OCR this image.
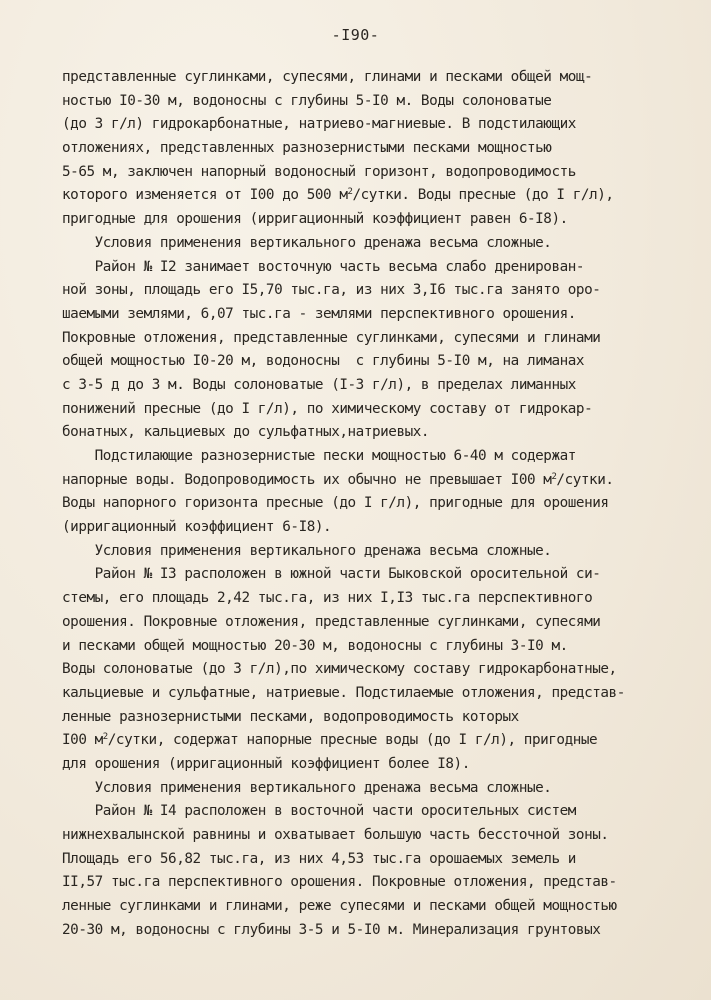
-I90-
представленные суглинками, супесями, глинами и песками общей мощ-
ностью I0-30 м, водоносны с глубины 5-I0 м. Воды солоноватые
(до 3 г/л) гидрокарбонатные, натриево-магниевые. В подстилающих
отложениях, представленных разнозернистыми песками мощностью
5-65 м, заключен напорный водоносный горизонт, водопроводимость
которого изменяется от I00 до 500 $м^2$/сутки. Воды пресные (до I г/л),
пригодные для орошения (ирригационный коэффициент равен 6-I8).
Условия применения вертикального дренажа весьма сложные.
Район № I2 занимает восточную часть весьма слабо дренирован-
ной зоны, площадь его I5,70 тыс.га, из них 3,I6 тыс.га занято оро-
шаемыми землями, 6,07 тыс.га - землями перспективного орошения.
Покровные отложения, представленные суглинками, супесями и глинами
общей мощностью I0-20 м, водоносны  с глубины 5-I0 м, на лиманах
с 3-5 д до 3 м. Воды солоноватые (I-3 г/л), в пределах лиманных
понижений пресные (до I г/л), по химическому составу от гидрокар-
бонатных, кальциевых до сульфатных,натриевых.
Подстилающие разнозернистые пески мощностью 6-40 м содержат
напорные воды. Водопроводимость их обычно не превышает I00 $м^2$/сутки.
Воды напорного горизонта пресные (до I г/л), пригодные для орошения
(ирригационный коэффициент 6-I8).
Условия применения вертикального дренажа весьма сложные.
Район № I3 расположен в южной части Быковской оросительной си-
стемы, его площадь 2,42 тыс.га, из них I,I3 тыс.га перспективного
орошения. Покровные отложения, представленные суглинками, супесями
и песками общей мощностью 20-30 м, водоносны с глубины 3-I0 м.
Воды солоноватые (до 3 г/л),по химическому составу гидрокарбонатные,
кальциевые и сульфатные, натриевые. Подстилаемые отложения, представ-
ленные разнозернистыми песками, водопроводимость которых
I00 $м^2$/сутки, содержат напорные пресные воды (до I г/л), пригодные
для орошения (ирригационный коэффициент более I8).
Условия применения вертикального дренажа весьма сложные.
Район № I4 расположен в восточной части оросительных систем
нижнехвалынской равнины и охватывает большую часть бессточной зоны.
Площадь его 56,82 тыс.га, из них 4,53 тыс.га орошаемых земель и
II,57 тыс.га перспективного орошения. Покровные отложения, представ-
ленные суглинками и глинами, реже супесями и песками общей мощностью
20-30 м, водоносны с глубины 3-5 и 5-I0 м. Минерализация грунтовых
